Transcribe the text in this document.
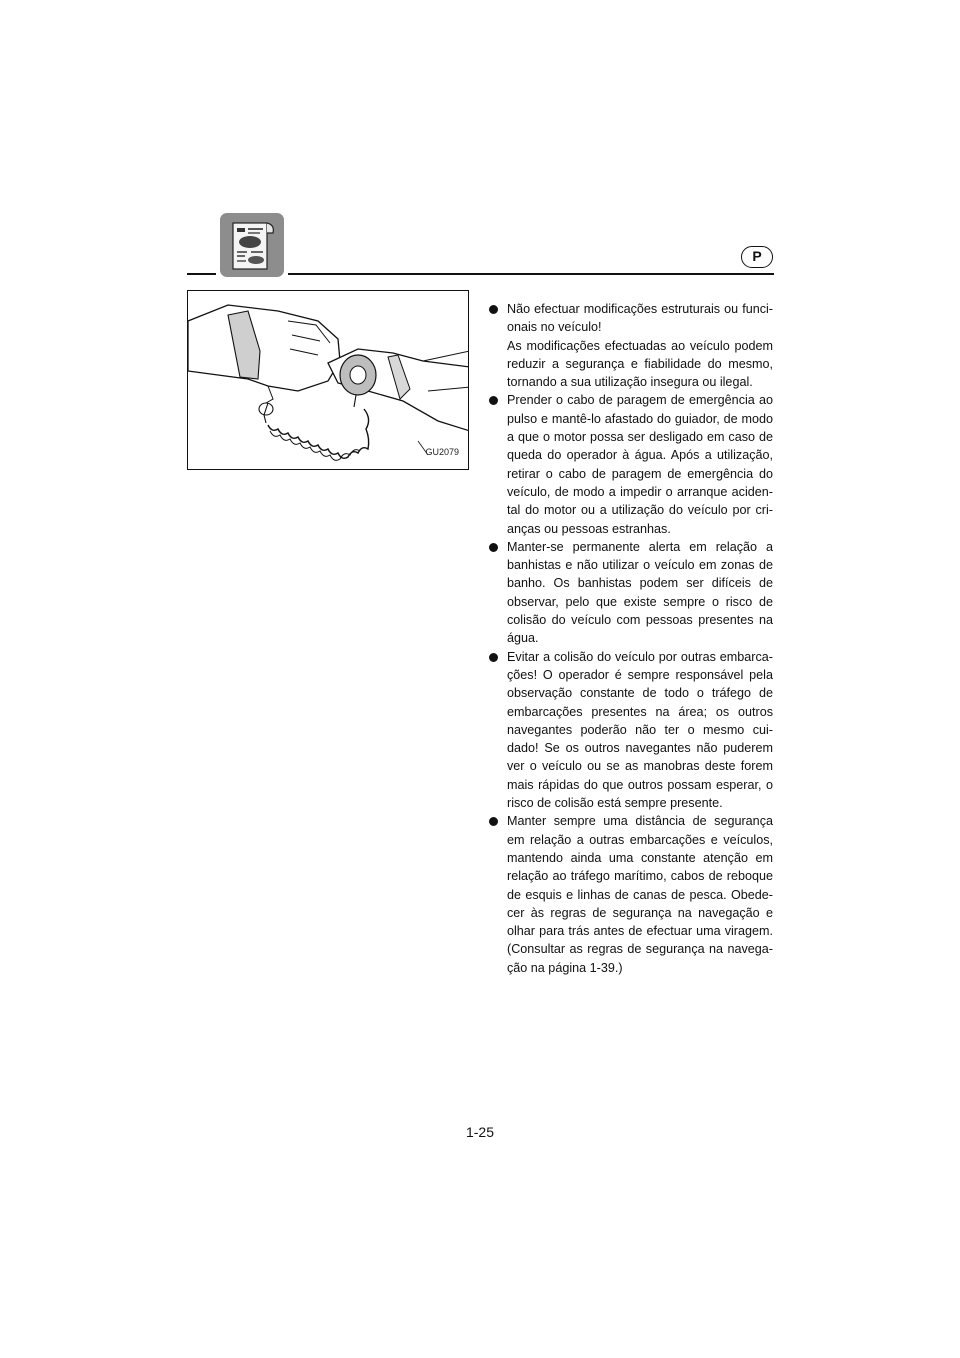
P
GU2079

Não efectuar modificações estruturais ou funci-onais no veículo!

As modificações efectuadas ao veículo podem reduzir a segurança e fiabilidade do mesmo, tornando a sua utilização insegura ou ilegal.

Prender o cabo de paragem de emergência ao pulso e mantê-lo afastado do guiador, de modo a que o motor possa ser desligado em caso de queda do operador à água. Após a utilização, retirar o cabo de paragem de emergência do veículo, de modo a impedir o arranque aciden-tal do motor ou a utilização do veículo por cri-anças ou pessoas estranhas.

Manter-se permanente alerta em relação a banhistas e não utilizar o veículo em zonas de banho. Os banhistas podem ser difíceis de observar, pelo que existe sempre o risco de colisão do veículo com pessoas presentes na água.

Evitar a colisão do veículo por outras embarca-ções! O operador é sempre responsável pela observação constante de todo o tráfego de embarcações presentes na área; os outros navegantes poderão não ter o mesmo cui-dado! Se os outros navegantes não puderem ver o veículo ou se as manobras deste forem mais rápidas do que outros possam esperar, o risco de colisão está sempre presente.

Manter sempre uma distância de segurança em relação a outras embarcações e veículos, mantendo ainda uma constante atenção em relação ao tráfego marítimo, cabos de reboque de esquis e linhas de canas de pesca. Obede-cer às regras de segurança na navegação e olhar para trás antes de efectuar uma viragem. (Consultar as regras de segurança na navega-ção na página 1-39.)

1-25
